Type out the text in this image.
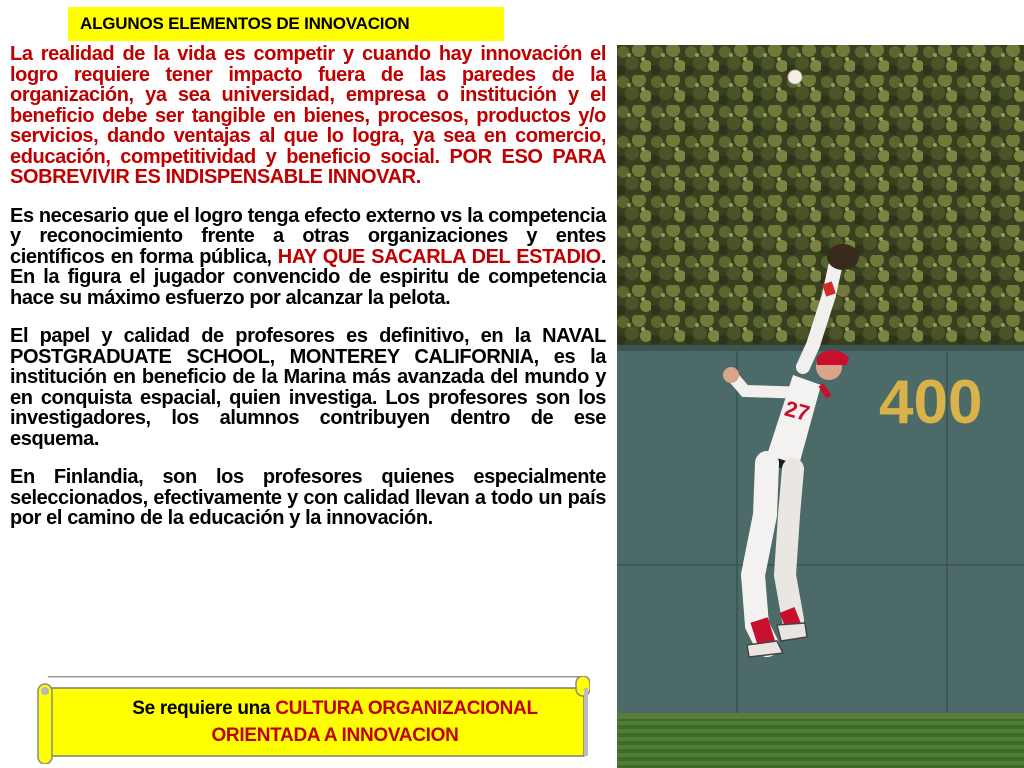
ALGUNOS ELEMENTOS DE INNOVACION

La realidad de la vida es competir y cuando hay innovación el logro requiere tener impacto fuera de las paredes de la organización, ya sea universidad, empresa o institución y el beneficio debe ser tangible en bienes, procesos, productos y/o servicios, dando ventajas al que lo logra, ya sea en comercio, educación, competitividad y beneficio social. POR ESO PARA SOBREVIVIR ES INDISPENSABLE INNOVAR.

Es necesario que el logro tenga efecto externo vs la competencia y reconocimiento frente a otras organizaciones y entes científicos en forma pública, HAY QUE SACARLA DEL ESTADIO. En la figura el jugador convencido de espiritu de competencia hace su máximo esfuerzo por alcanzar la pelota.

El papel y calidad de profesores es definitivo, en la NAVAL POSTGRADUATE SCHOOL, MONTEREY CALIFORNIA, es la institución en beneficio de la Marina más avanzada del mundo y en conquista espacial, quien investiga. Los profesores son los investigadores, los alumnos contribuyen dentro de ese esquema.

En Finlandia, son los profesores quienes especialmente seleccionados, efectivamente y con calidad llevan a todo un país por el camino de la educación y la innovación.

400
27
Se requiere una CULTURA ORGANIZACIONAL
ORIENTADA A INNOVACION
